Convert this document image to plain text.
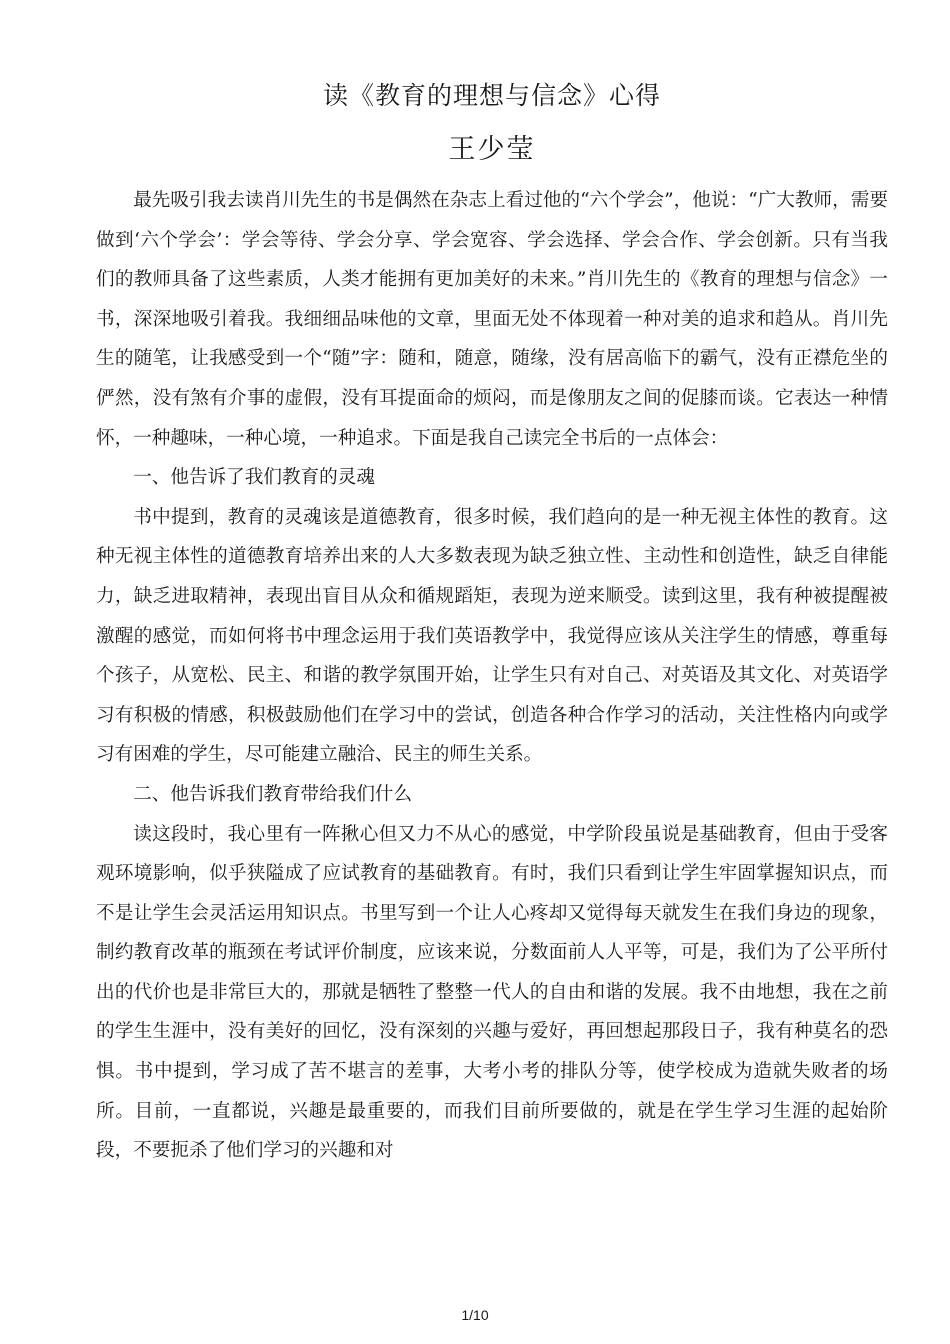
读《教育的理想与信念》心得
王少莹

最先吸引我去读肖川先生的书是偶然在杂志上看过他的“六个学会”，他说：“广大教师，需要做到‘六个学会’：学会等待、学会分享、学会宽容、学会选择、学会合作、学会创新。只有当我们的教师具备了这些素质，人类才能拥有更加美好的未来。”肖川先生的《教育的理想与信念》一书，深深地吸引着我。我细细品味他的文章，里面无处不体现着一种对美的追求和趋从。肖川先生的随笔，让我感受到一个“随”字：随和，随意，随缘，没有居高临下的霸气，没有正襟危坐的俨然，没有煞有介事的虚假，没有耳提面命的烦闷，而是像朋友之间的促膝而谈。它表达一种情怀，一种趣味，一种心境，一种追求。下面是我自己读完全书后的一点体会：

一、他告诉了我们教育的灵魂

书中提到，教育的灵魂该是道德教育，很多时候，我们趋向的是一种无视主体性的教育。这种无视主体性的道德教育培养出来的人大多数表现为缺乏独立性、主动性和创造性，缺乏自律能力，缺乏进取精神，表现出盲目从众和循规蹈矩，表现为逆来顺受。读到这里，我有种被提醒被激醒的感觉，而如何将书中理念运用于我们英语教学中，我觉得应该从关注学生的情感，尊重每个孩子，从宽松、民主、和谐的教学氛围开始，让学生只有对自己、对英语及其文化、对英语学习有积极的情感，积极鼓励他们在学习中的尝试，创造各种合作学习的活动，关注性格内向或学习有困难的学生，尽可能建立融洽、民主的师生关系。

二、他告诉我们教育带给我们什么

读这段时，我心里有一阵揪心但又力不从心的感觉，中学阶段虽说是基础教育，但由于受客观环境影响，似乎狭隘成了应试教育的基础教育。有时，我们只看到让学生牢固掌握知识点，而不是让学生会灵活运用知识点。书里写到一个让人心疼却又觉得每天就发生在我们身边的现象，制约教育改革的瓶颈在考试评价制度，应该来说，分数面前人人平等，可是，我们为了公平所付出的代价也是非常巨大的，那就是牺牲了整整一代人的自由和谐的发展。我不由地想，我在之前的学生生涯中，没有美好的回忆，没有深刻的兴趣与爱好，再回想起那段日子，我有种莫名的恐惧。书中提到，学习成了苦不堪言的差事，大考小考的排队分等，使学校成为造就失败者的场所。目前，一直都说，兴趣是最重要的，而我们目前所要做的，就是在学生学习生涯的起始阶段，不要扼杀了他们学习的兴趣和对

1/10
